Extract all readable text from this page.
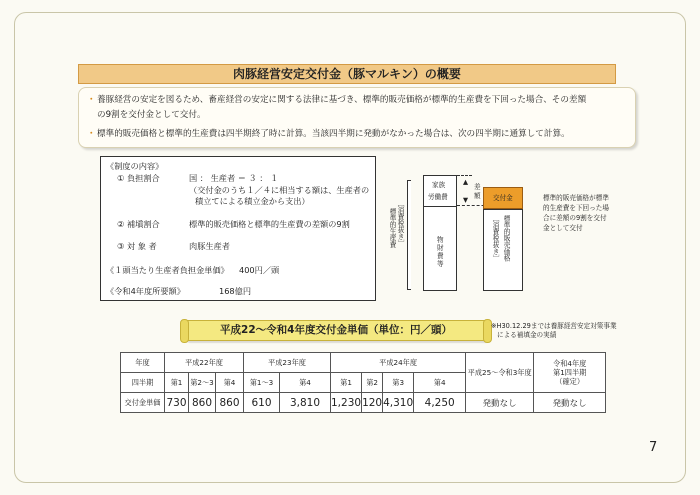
肉豚経営安定交付金（豚マルキン）の概要
・ 養豚経営の安定を図るため、畜産経営の安定に関する法律に基づき、標準的販売価格が標準的生産費を下回った場合、その差額
の9割を交付金として交付。
・ 標準的販売価格と標準的生産費は四半期終了時に計算。当該四半期に発動がなかった場合は、次の四半期に通算して計算。
《制度の内容》
① 負担割合	国 ： 生産者 ＝ ３ ： １
（交付金のうち１／４に相当する額は、生産者の
積立てによる積立金から支出）
② 補塡割合	標準的販売価格と標準的生産費の差額の9割
③ 対 象 者	肉豚生産者
《１頭当たり生産者負担金単価》 400円／頭
《令和4年度所要額》	168億円
標準的生産費 ［消費税抜き］
家族
労働費
物
財
費
等
▲
▼
差
額 交付金
［消費税抜き］ 標準的販売価格
標準的販売価格が標準
的生産費を下回った場
合に差額の9割を交付
金として交付
平成22～令和4年度交付金単価（単位：円／頭）	※H30.12.29までは養豚経営安定対策事業
による補填金の実績
年度	平成22年度			平成23年度		平成24年度				平成25～令和3年度	令和4年度
第1四半期
（確定）

四半期	第1	第2～3	第4	第1～3	第4	第1	第2	第3	第4		
交付金単価	730	860	860	610	3,810	1,230	120	4,310	4,250	発動なし	発動なし
7
